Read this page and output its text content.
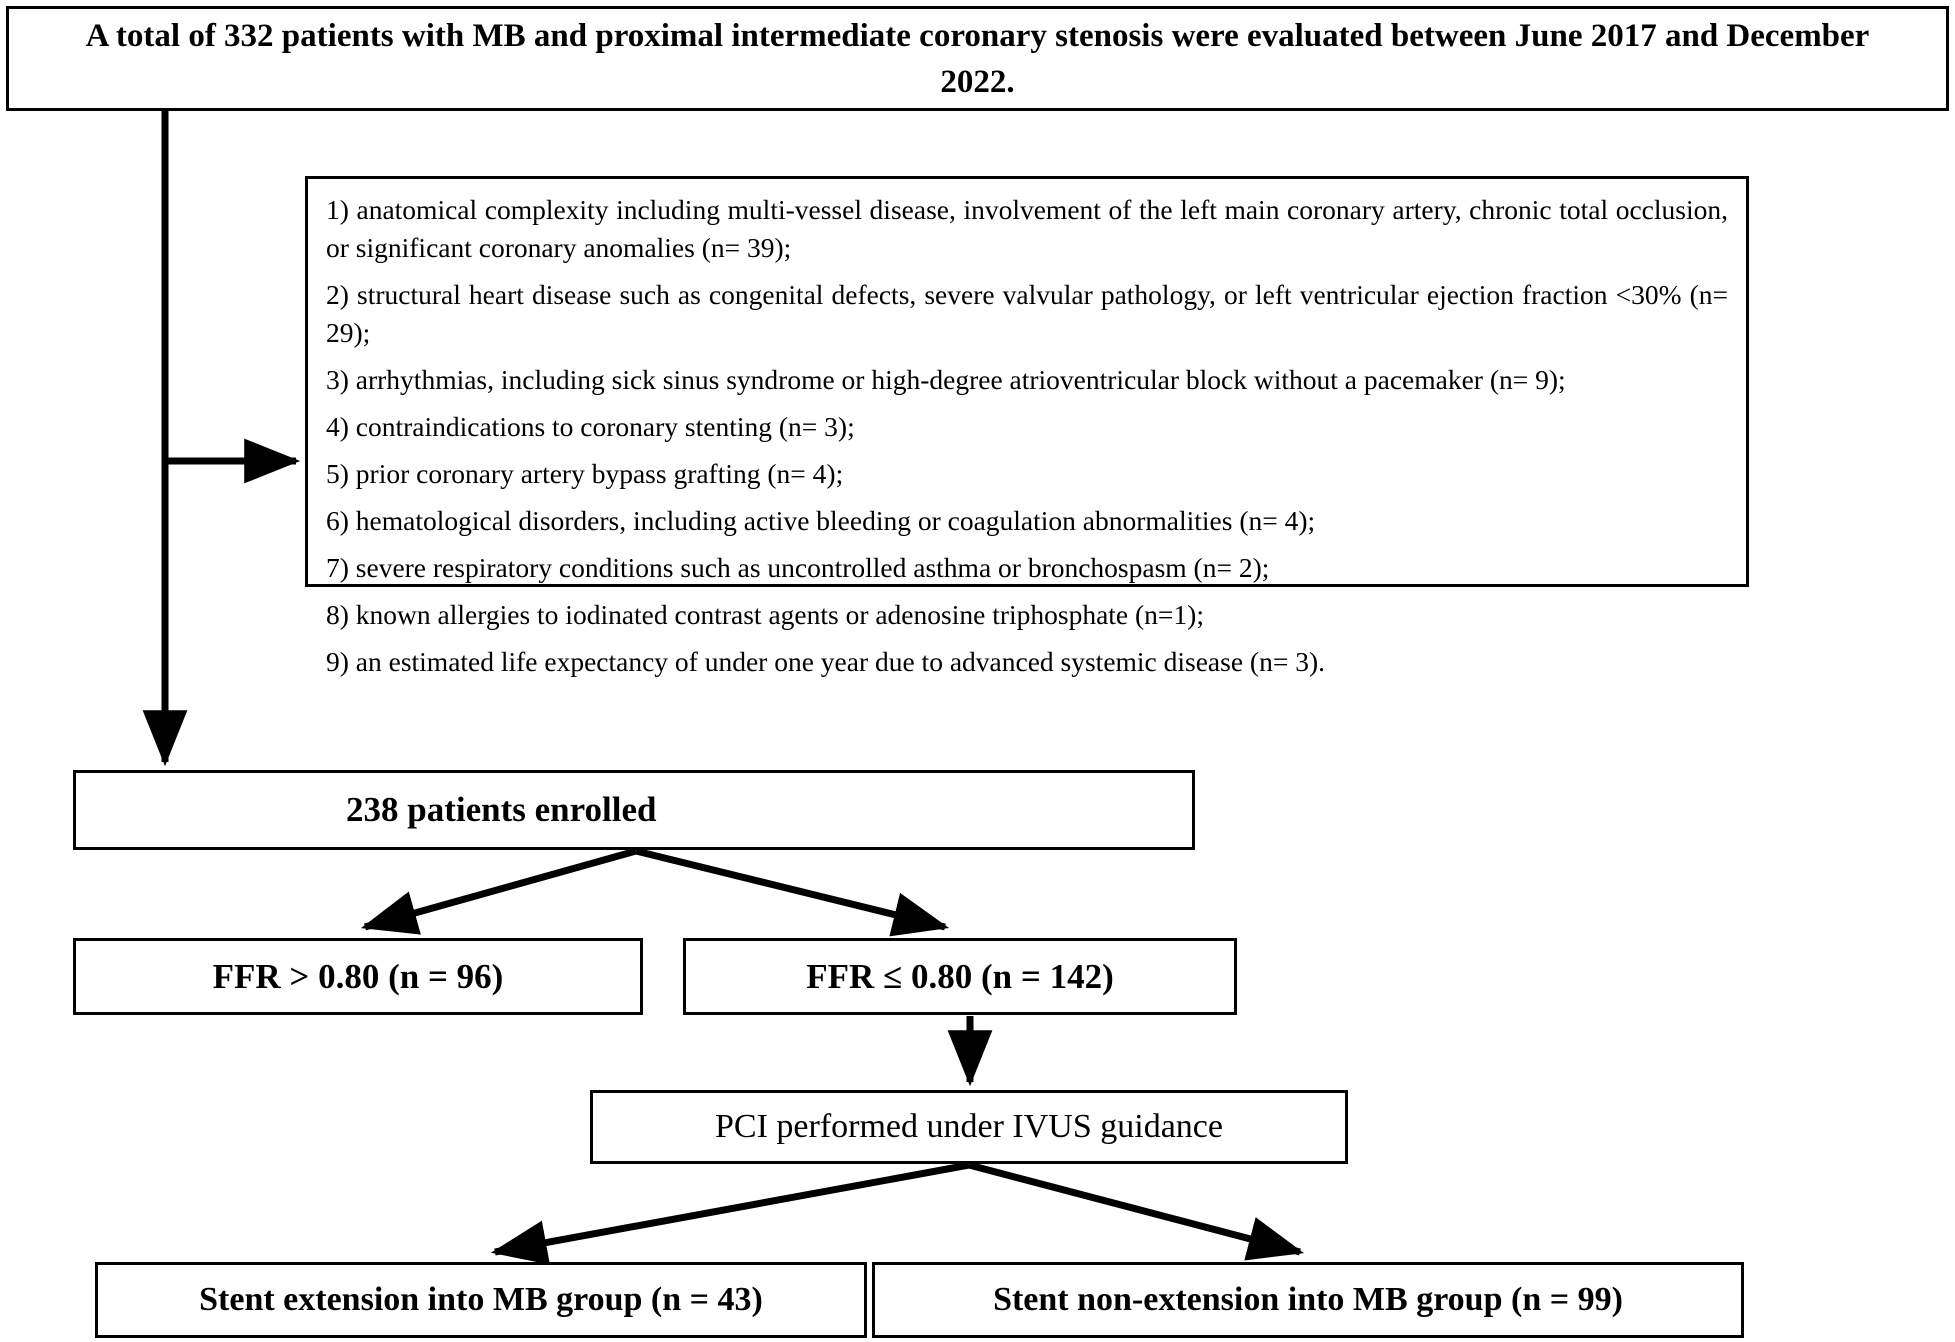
A total of 332 patients with MB and proximal intermediate coronary stenosis were evaluated between June 2017 and December 2022.
1) anatomical complexity including multi-vessel disease, involvement of the left main coronary artery, chronic total occlusion, or significant coronary anomalies (n= 39);
2) structural heart disease such as congenital defects, severe valvular pathology, or left ventricular ejection fraction <30% (n= 29);
3) arrhythmias, including sick sinus syndrome or high-degree atrioventricular block without a pacemaker (n= 9);
4) contraindications to coronary stenting (n= 3);
5) prior coronary artery bypass grafting (n= 4);
6) hematological disorders, including active bleeding or coagulation abnormalities (n= 4);
7) severe respiratory conditions such as uncontrolled asthma or bronchospasm (n= 2);
8) known allergies to iodinated contrast agents or adenosine triphosphate (n=1);
9) an estimated life expectancy of under one year due to advanced systemic disease (n= 3).
238 patients enrolled
FFR > 0.80 (n = 96)	FFR ≤ 0.80 (n = 142)
PCI performed under IVUS guidance
Stent extension into MB group (n = 43)	Stent non-extension into MB group (n = 99)
